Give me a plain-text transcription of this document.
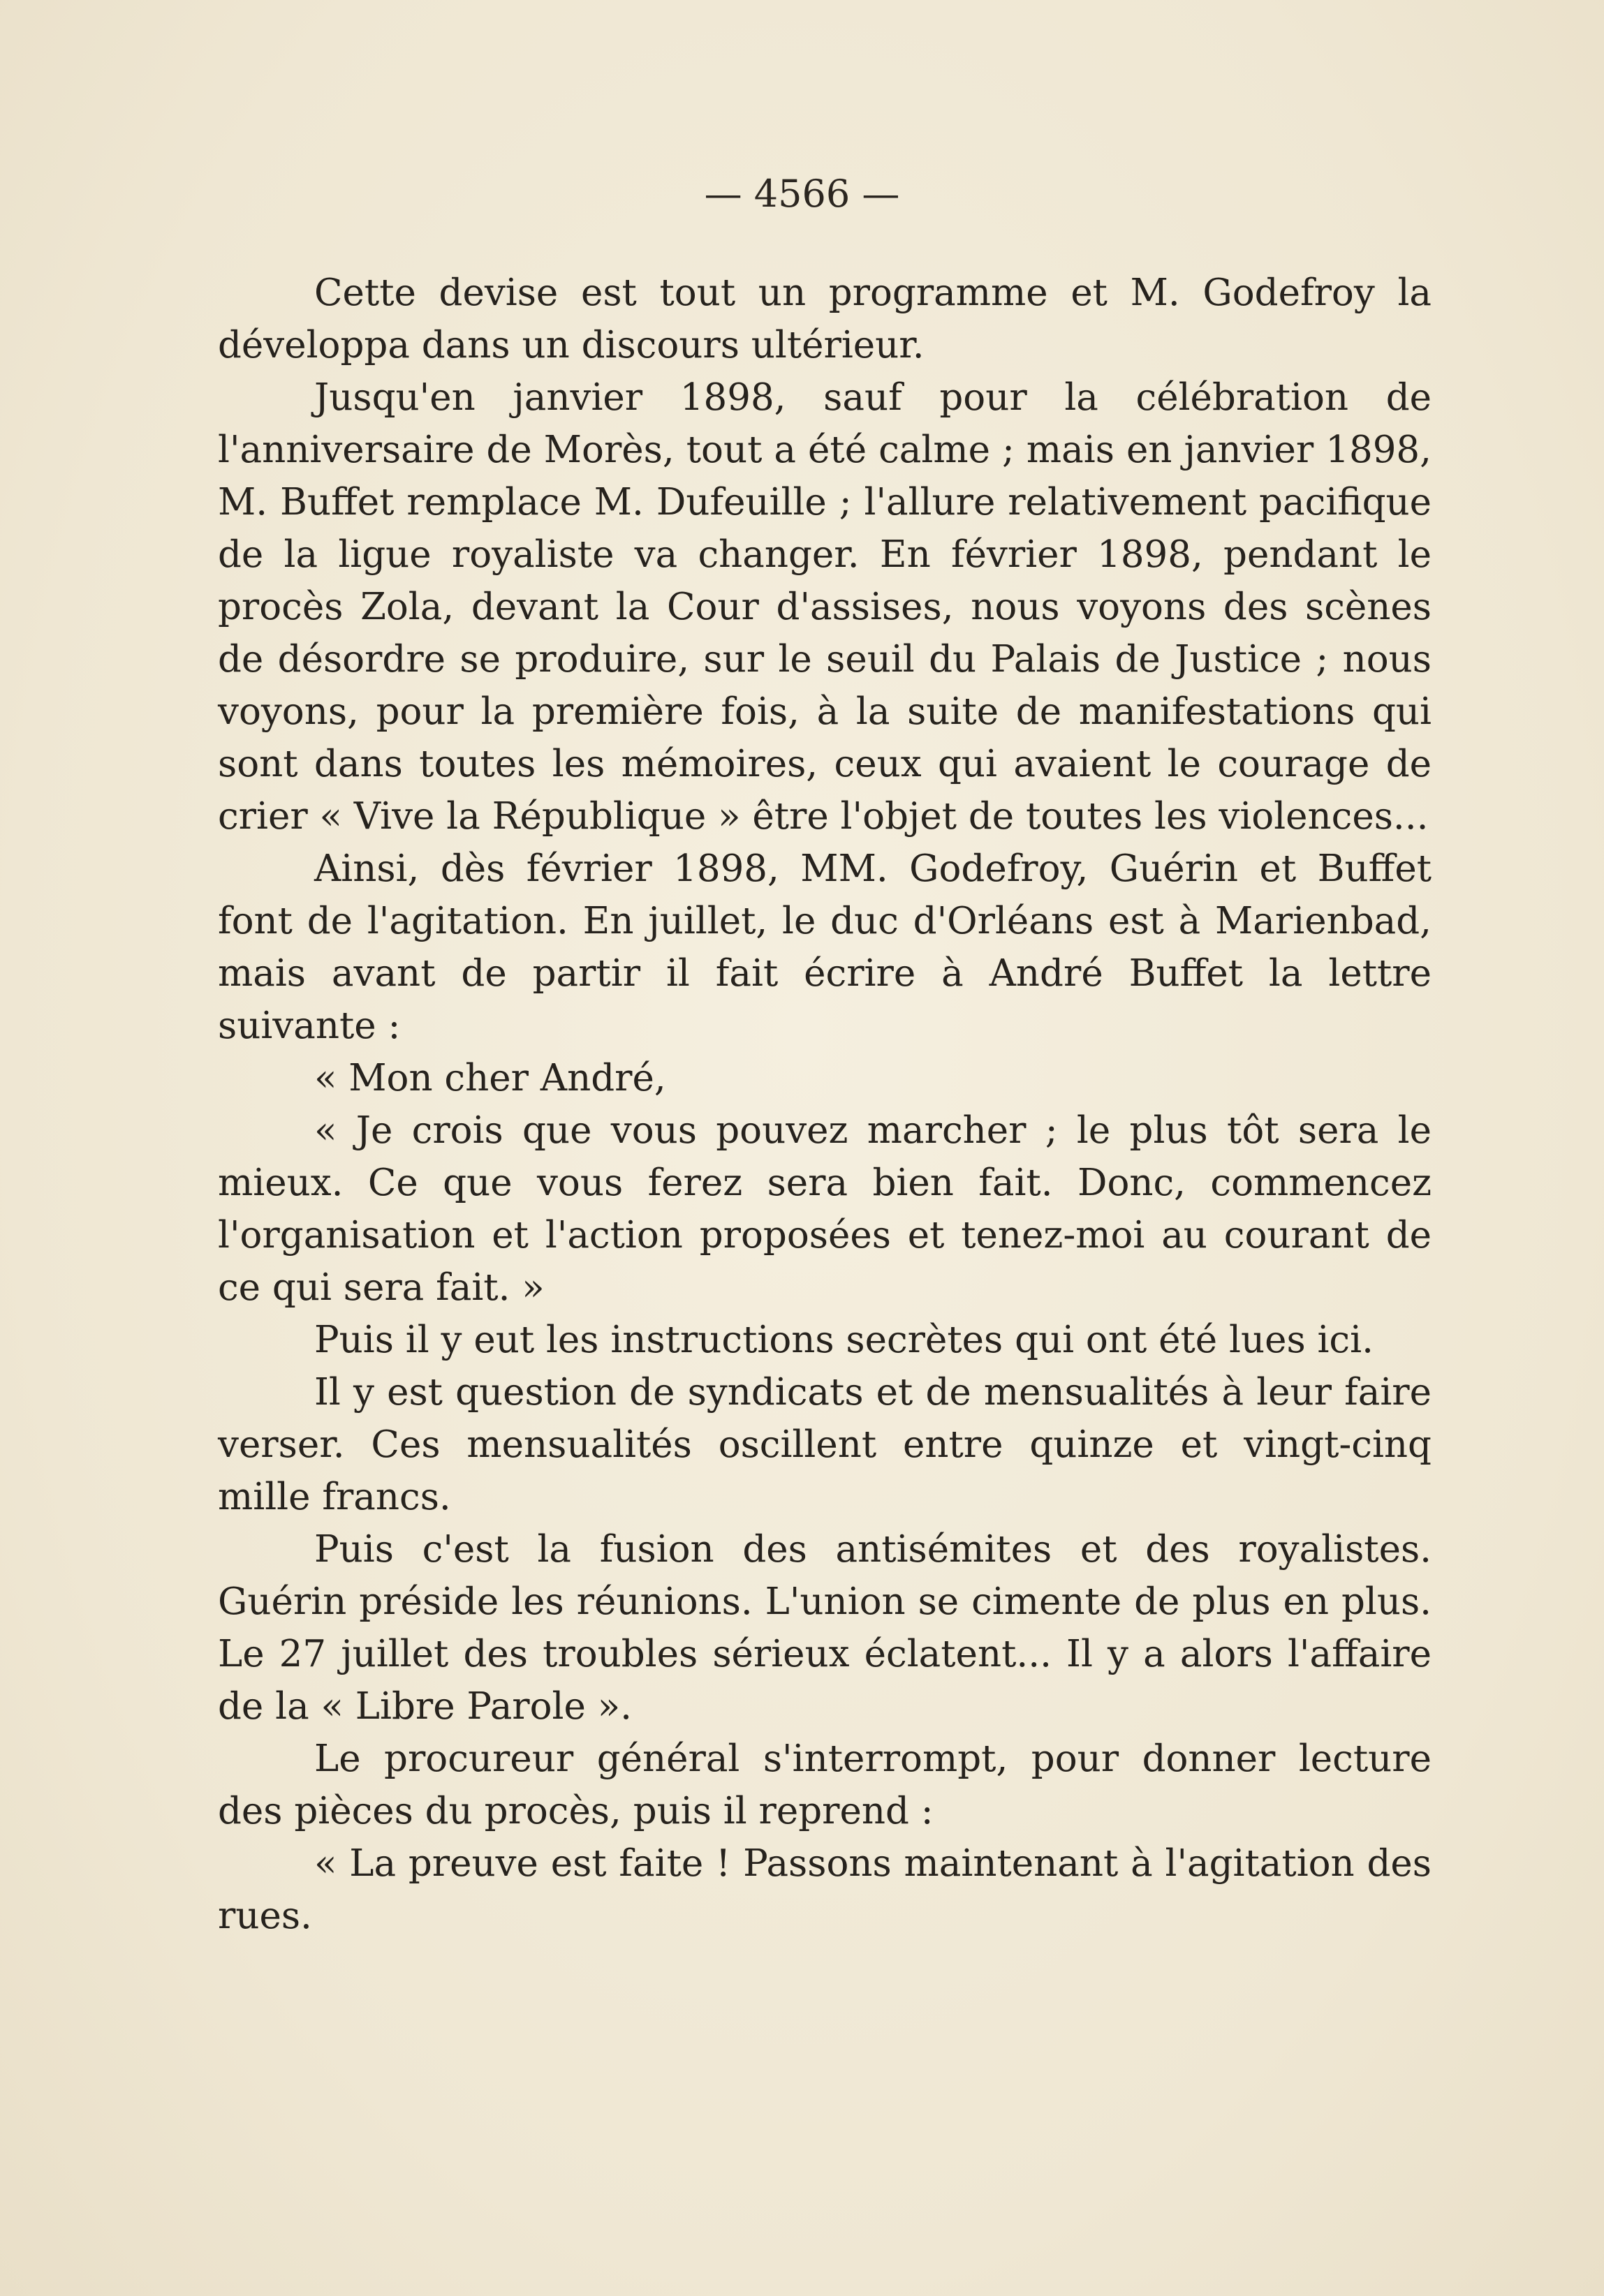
— 4566 —

Cette devise est tout un programme et M. Godefroy la développa dans un discours ultérieur.

Jusqu'en janvier 1898, sauf pour la célébration de l'anniversaire de Morès, tout a été calme ; mais en janvier 1898, M. Buffet remplace M. Dufeuille ; l'allure relativement pacifique de la ligue royaliste va changer. En février 1898, pendant le procès Zola, devant la Cour d'assises, nous voyons des scènes de désordre se produire, sur le seuil du Palais de Justice ; nous voyons, pour la première fois, à la suite de manifestations qui sont dans toutes les mémoires, ceux qui avaient le courage de crier « Vive la République » être l'objet de toutes les violences...

Ainsi, dès février 1898, MM. Godefroy, Guérin et Buffet font de l'agitation. En juillet, le duc d'Orléans est à Marienbad, mais avant de partir il fait écrire à André Buffet la lettre suivante :

« Mon cher André,

« Je crois que vous pouvez marcher ; le plus tôt sera le mieux. Ce que vous ferez sera bien fait. Donc, commencez l'organisation et l'action proposées et tenez-moi au courant de ce qui sera fait. »

Puis il y eut les instructions secrètes qui ont été lues ici.

Il y est question de syndicats et de mensualités à leur faire verser. Ces mensualités oscillent entre quinze et vingt-cinq mille francs.

Puis c'est la fusion des antisémites et des royalistes. Guérin préside les réunions. L'union se cimente de plus en plus. Le 27 juillet des troubles sérieux éclatent... Il y a alors l'affaire de la « Libre Parole ».

Le procureur général s'interrompt, pour donner lecture des pièces du procès, puis il reprend :

« La preuve est faite ! Passons maintenant à l'agitation des rues.
